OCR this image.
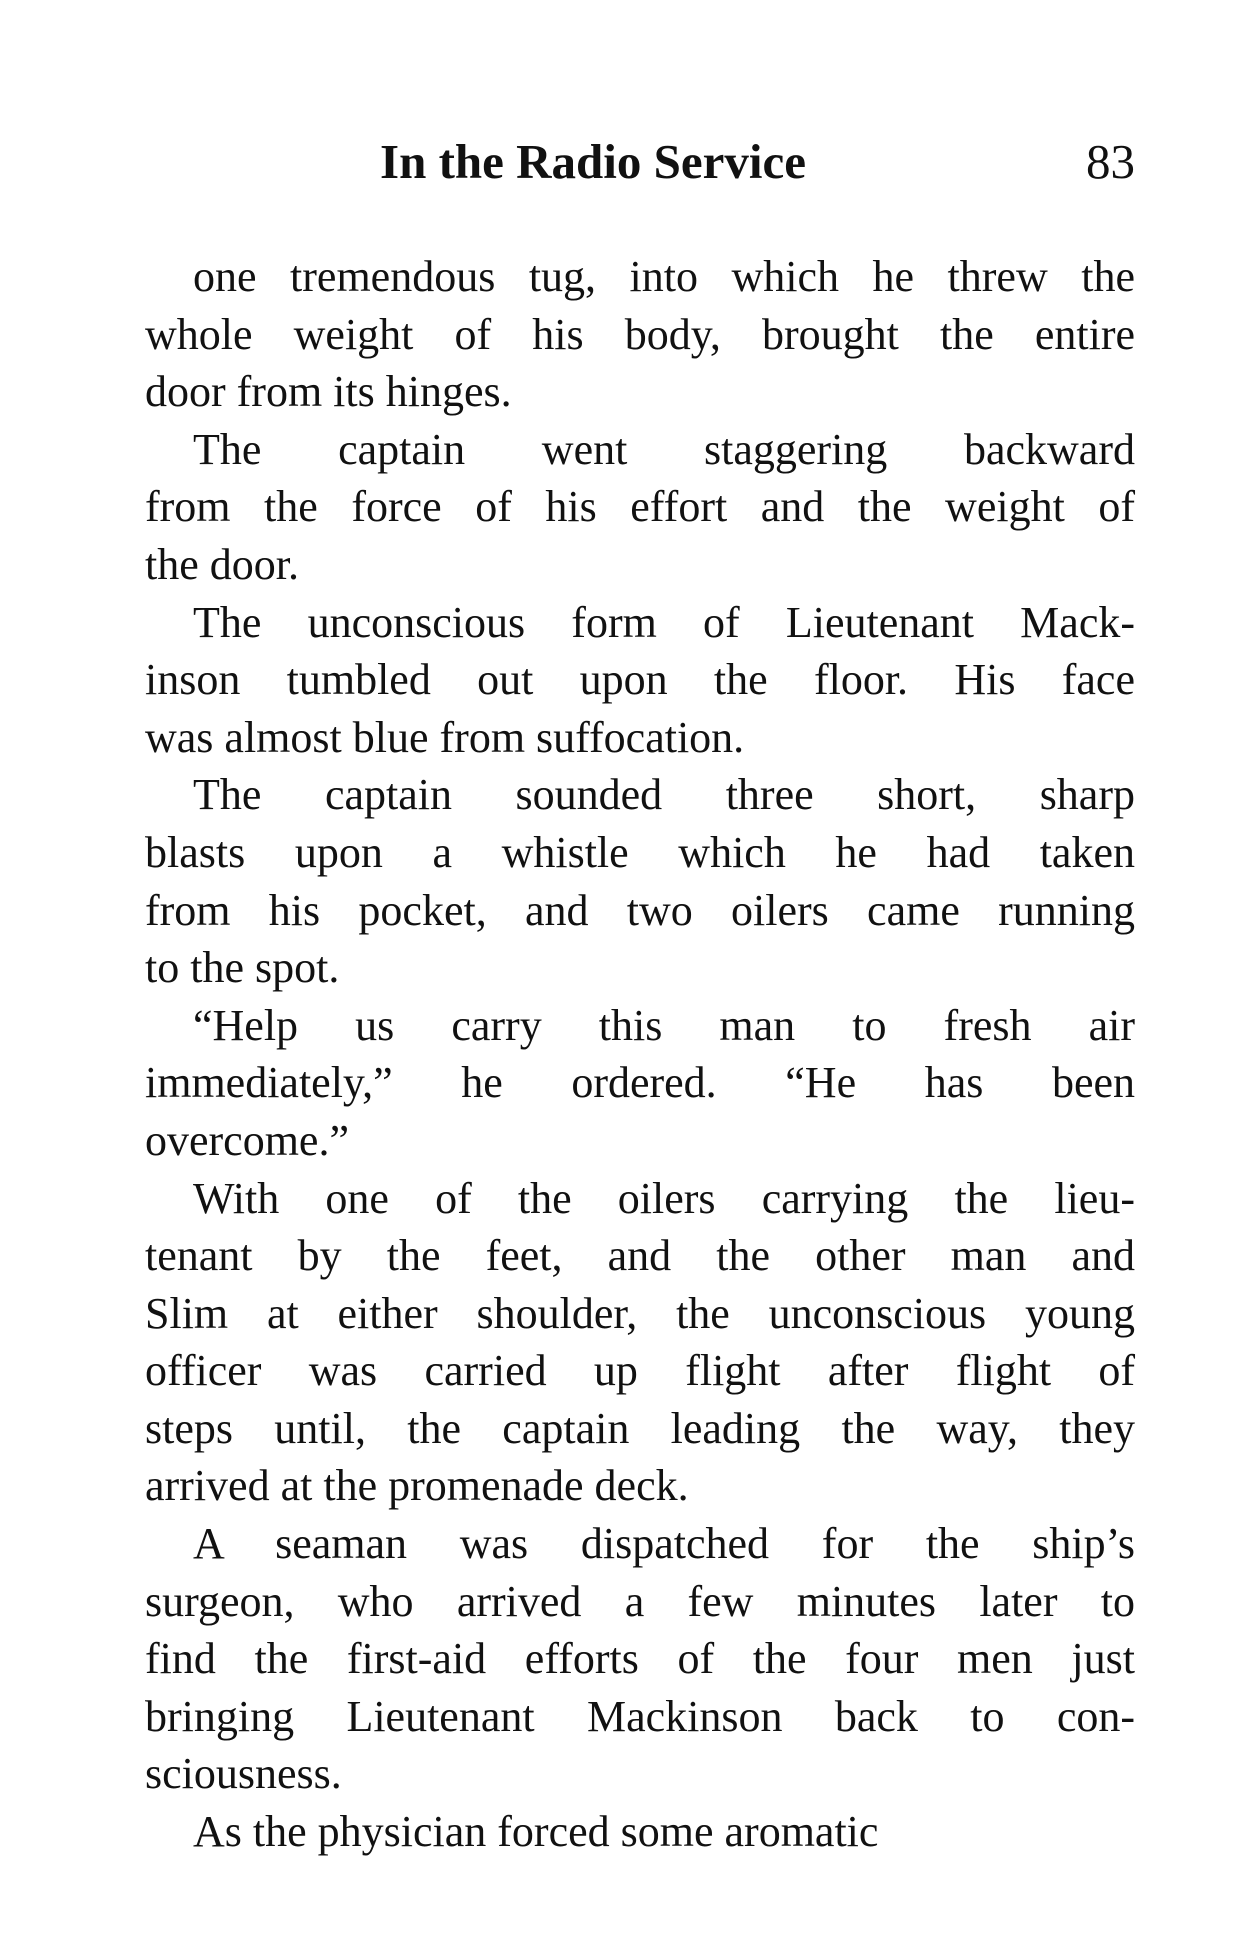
In the Radio Service	83
one tremendous tug, into which he threw the
whole weight of his body, brought the entire
door from its hinges.
The captain went staggering backward
from the force of his effort and the weight of
the door.
The unconscious form of Lieutenant Mack-
inson tumbled out upon the floor. His face
was almost blue from suffocation.
The captain sounded three short, sharp
blasts upon a whistle which he had taken
from his pocket, and two oilers came running
to the spot.
“Help us carry this man to fresh air
immediately,” he ordered. “He has been
overcome.”
With one of the oilers carrying the lieu-
tenant by the feet, and the other man and
Slim at either shoulder, the unconscious young
officer was carried up flight after flight of
steps until, the captain leading the way, they
arrived at the promenade deck.
A seaman was dispatched for the ship’s
surgeon, who arrived a few minutes later to
find the first-aid efforts of the four men just
bringing Lieutenant Mackinson back to con-
sciousness.
As the physician forced some aromatic
